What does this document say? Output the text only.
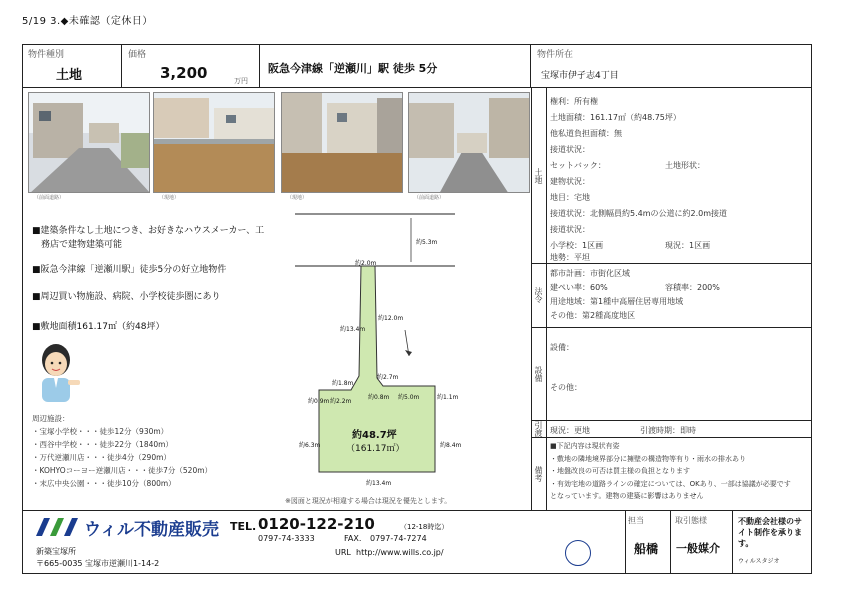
5/19 3.◆未確認（定休日）
物件種別
土地
価格
3,200	万円
阪急今津線「逆瀬川」駅 徒歩 5分
物件所在
宝塚市伊孑志4丁目
（前面道路）	（現地）	（現地）	（前面道路）
■建築条件なし土地につき、お好きなハウスメーカー、工
　務店で建物建築可能
■阪急今津線「逆瀬川駅」徒歩5分の好立地物件
■周辺買い物施設、病院、小学校徒歩圏にあり
■敷地面積161.17㎡（約48坪）
周辺施設：
・宝塚小学校・・・徒歩12分（930m）
・西谷中学校・・・徒歩22分（1840m）
・万代逆瀬川店・・・徒歩4分（290m）
・KOHYOコーヨー逆瀬川店・・・徒歩7分（520m）
・末広中央公園・・・徒歩10分（800m）
約2.0m
約5.3m
約13.4m
約12.0m
約1.8m
約2.7m
約0.9m 約2.2m
約0.8m 約5.0m	約1.1m
約6.3m	約8.4m
約13.4m
約48.7坪
（161.17㎡）
※図面と現況が相違する場合は現況を優先とします。
土地
法令
設備
引渡
備考
権利：所有権
土地面積：161.17㎡（約48.75坪）
他私道負担面積：無
接道状況：
セットバック：	土地形状：
建物状況：
地目：宅地
接道状況：北側幅員約5.4mの公道に約2.0m接道
接道状況：
小学校：1区画	現況：1区画
地勢：平坦
都市計画：市街化区域
建ぺい率：60%	容積率：200%
用途地域：第1種中高層住居専用地域
その他：第2種高度地区
設備：
その他：
現況：更地	引渡時期：即時
■下記内容は現状有姿
・敷地の隣地境界部分に擁壁の構造物等有り・雨水の排水あり
・地盤改良の可否は買主様の負担となります
・有効宅地の道路ラインの確定については、OKあり、一部は協議が必要です
となっています。建物の建築に影響はありません
ウィル不動産販売 TEL. 0120-122-210	（12-18時迄）
0797-74-3333	FAX. 0797-74-7274
新築宝塚所
〒665-0035 宝塚市逆瀬川1-14-2
URL http://www.wills.co.jp/
担当
船橋
取引態様
一般媒介
不動産会社様のサイト制作を承ります。
ウィルスタジオ
